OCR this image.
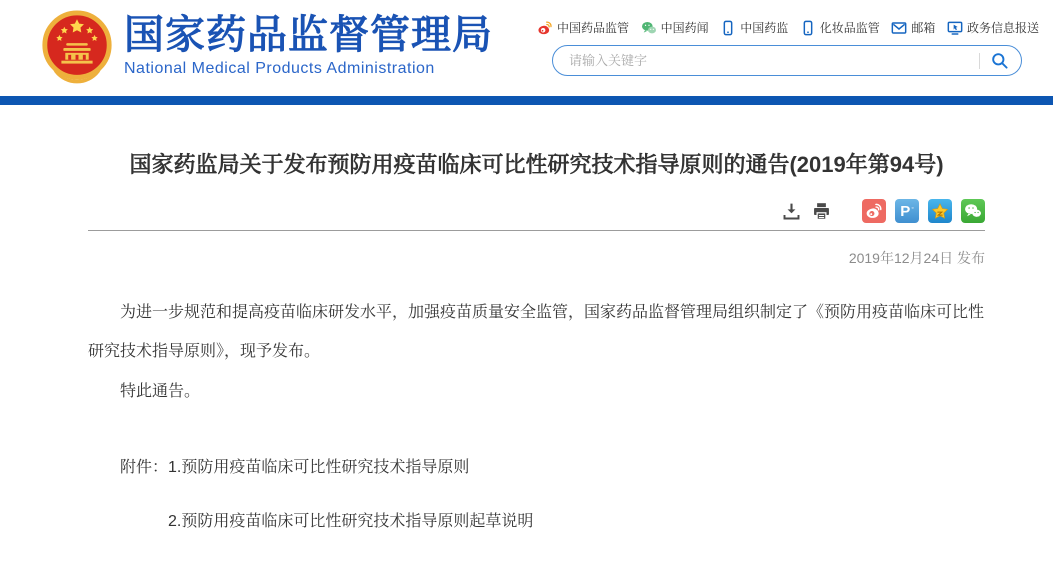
国家药品监督管理局
National Medical Products Administration
中国药品监管	中国药闻	中国药监	化妆品监管	邮箱	政务信息报送
请输入关键字
国家药监局关于发布预防用疫苗临床可比性研究技术指导原则的通告(2019年第94号)
P ◦
2019年12月24日 发布

为进一步规范和提高疫苗临床研发水平，加强疫苗质量安全监管，国家药品监督管理局组织制定了《预防用疫苗临床可比性研究技术指导原则》，现予发布。

特此通告。

附件：1.预防用疫苗临床可比性研究技术指导原则

2.预防用疫苗临床可比性研究技术指导原则起草说明
